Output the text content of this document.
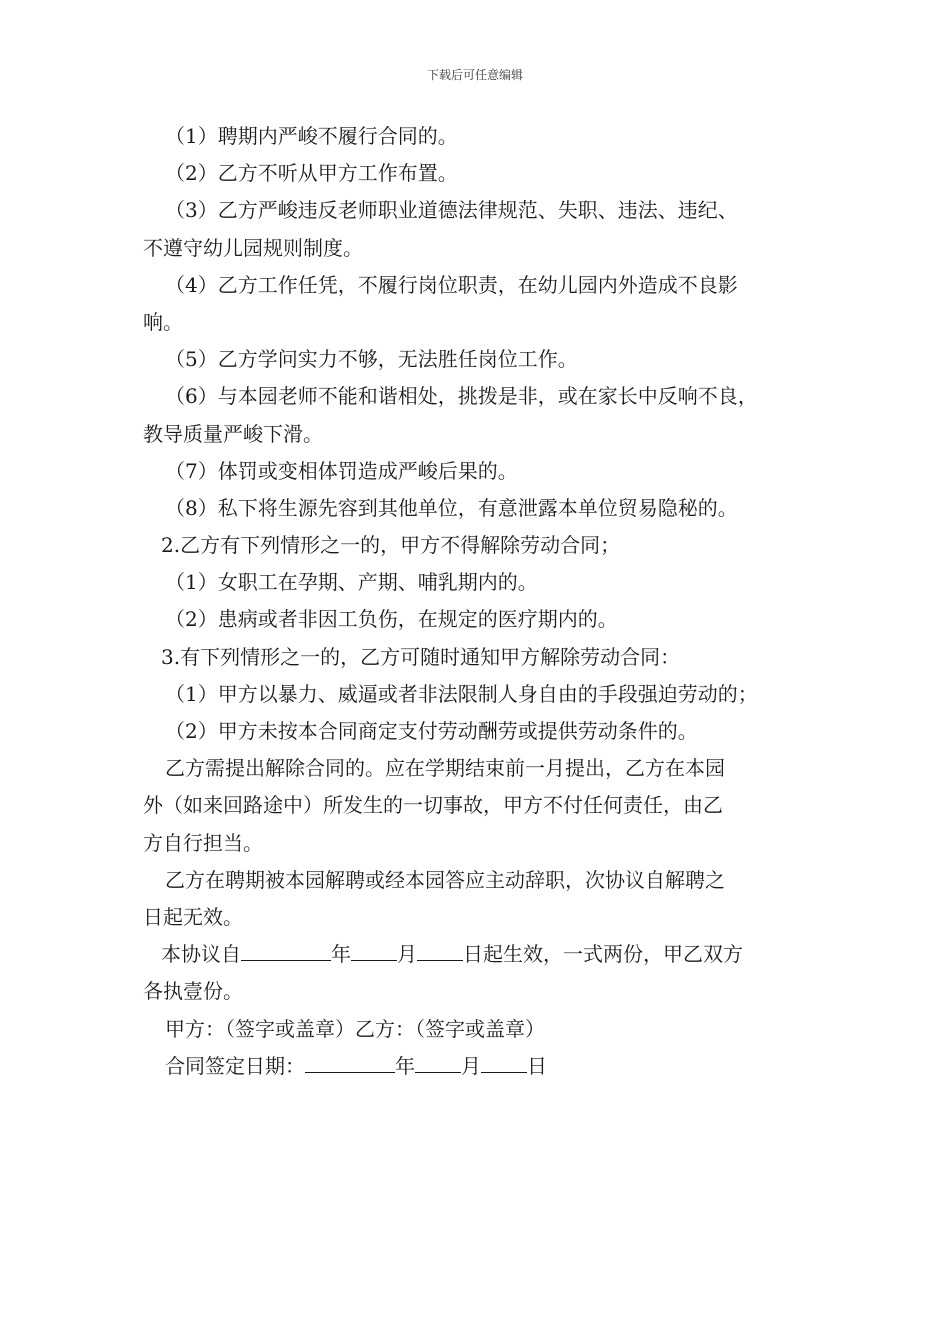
下载后可任意编辑
（1）聘期内严峻不履行合同的。
（2）乙方不听从甲方工作布置。
（3）乙方严峻违反老师职业道德法律规范、失职、违法、违纪、
不遵守幼儿园规则制度。
（4）乙方工作任凭，不履行岗位职责，在幼儿园内外造成不良影
响。
（5）乙方学问实力不够，无法胜任岗位工作。
（6）与本园老师不能和谐相处，挑拨是非，或在家长中反响不良，
教导质量严峻下滑。
（7）体罚或变相体罚造成严峻后果的。
（8）私下将生源先容到其他单位，有意泄露本单位贸易隐秘的。
2.乙方有下列情形之一的，甲方不得解除劳动合同；
（1）女职工在孕期、产期、哺乳期内的。
（2）患病或者非因工负伤，在规定的医疗期内的。
3.有下列情形之一的，乙方可随时通知甲方解除劳动合同：
（1）甲方以暴力、威逼或者非法限制人身自由的手段强迫劳动的；
（2）甲方未按本合同商定支付劳动酬劳或提供劳动条件的。
乙方需提出解除合同的。应在学期结束前一月提出，乙方在本园
外（如来回路途中）所发生的一切事故，甲方不付任何责任，由乙
方自行担当。
乙方在聘期被本园解聘或经本园答应主动辞职，次协议自解聘之
日起无效。
本协议自	年 月 日起生效，一式两份，甲乙双方
各执壹份。
甲方：（签字或盖章）乙方：（签字或盖章）
合同签定日期：	年 月 日
